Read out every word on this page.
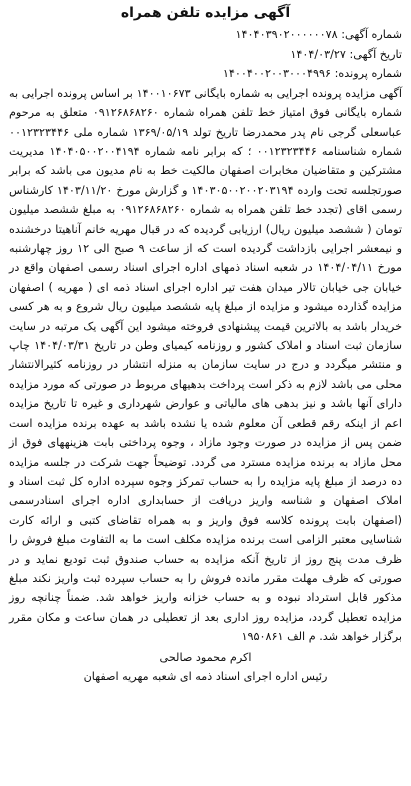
آگهی مزایده تلفن همراه
شماره آگهی: ۱۴۰۴۰۳۹۰۲۰۰۰۰۰۰۷۸
تاریخ آگهی: ۱۴۰۴/۰۳/۲۷
شماره پرونده: ۱۴۰۰۴۰۰۲۰۰۳۰۰۰۴۹۹۶

آگهی مزایده پرونده اجرایی به شماره بایگانی ۱۴۰۰۱۰۶۷۳ بر اساس پرونده اجرایی به شماره بایگانی فوق امتیاز خط تلفن همراه شماره ۰۹۱۲۶۸۶۸۲۶۰ متعلق به مرحوم عباسعلی گرجی نام پدر محمدرضا تاریخ تولد ۱۳۶۹/۰۵/۱۹ شماره ملی ۰۰۱۲۳۲۳۴۴۶ شماره شناسنامه ۰۰۱۲۳۲۳۴۴۶ ؛ که برابر نامه شماره ۱۴۰۴۰۵۰۰۲۰۰۴۱۹۴ مدیریت مشترکین و متقاضیان مخابرات اصفهان مالکیت خط به نام مدیون می باشد که برابر صورتجلسه تحت وارده ۱۴۰۳۰۵۰۰۲۰۰۲۰۳۱۹۴ و گزارش مورخ ۱۴۰۳/۱۱/۲۰ کارشناس رسمی اقای (تجدد خط تلفن همراه به شماره ۰۹۱۲۶۸۶۸۲۶۰ به مبلغ ششصد میلیون تومان ( ششصد میلیون ریال) ارزیابی گردیده که در قبال مهریه خانم آناهیتا درخشنده و نیمعشر اجرایی بازداشت گردیده است که از ساعت ۹ صبح الی ۱۲ روز چهارشنبه مورخ ۱۴۰۴/۰۴/۱۱ در شعبه اسناد ذمهای اداره اجرای اسناد رسمی اصفهان واقع در خیابان جی خیابان تالار میدان هفت تیر اداره اجرای اسناد ذمه ای ( مهریه ) اصفهان مزایده گذارده میشود و مزایده از مبلغ پایه ششصد میلیون ریال شروع و به هر کسی خریدار باشد به بالاترین قیمت پیشنهادی فروخته میشود این آگهی یک مرتبه در سایت سازمان ثبت اسناد و املاک کشور و روزنامه کیمیای وطن در تاریخ ۱۴۰۴/۰۳/۳۱ چاپ و منتشر میگردد و درج در سایت سازمان به منزله انتشار در روزنامه کثیرالانتشار محلی می باشد لازم به ذکر است پرداخت بدهیهای مربوط در صورتی که مورد مزایده دارای آنها باشد و نیز بدهی های مالیاتی و عوارض شهرداری و غیره تا تاریخ مزایده اعم از اینکه رقم قطعی آن معلوم شده یا نشده باشد به عهده برنده مزایده است ضمن پس از مزایده در صورت وجود مازاد ، وجوه پرداختی بابت هزینههای فوق از محل مازاد به برنده مزایده مسترد می گردد. توضیحاً جهت شرکت در جلسه مزایده ده درصد از مبلغ پایه مزایده را به حساب تمرکز وجوه سپرده اداره کل ثبت اسناد و املاک اصفهان و شناسه واریز دریافت از حسابداری اداره اجرای اسنادرسمی (اصفهان بابت پرونده کلاسه فوق واریز و به همراه تقاضای کتبی و ارائه کارت شناسایی معتبر الزامی است برنده مزایده مکلف است ما به التفاوت مبلغ فروش را ظرف مدت پنج روز از تاریخ آنکه مزایده به حساب صندوق ثبت تودیع نماید و در صورتی که ظرف مهلت مقرر مانده فروش را به حساب سپرده ثبت واریز نکند مبلغ مذکور قابل استرداد نبوده و به حساب خزانه واریز خواهد شد. ضمناً چنانچه روز مزایده تعطیل گردد، مزایده روز اداری بعد از تعطیلی در همان ساعت و مکان مقرر برگزار خواهد شد. م الف ۱۹۵۰۸۶۱

اکرم محمود صالحی
رئیس اداره اجرای اسناد ذمه ای شعبه مهریه اصفهان
